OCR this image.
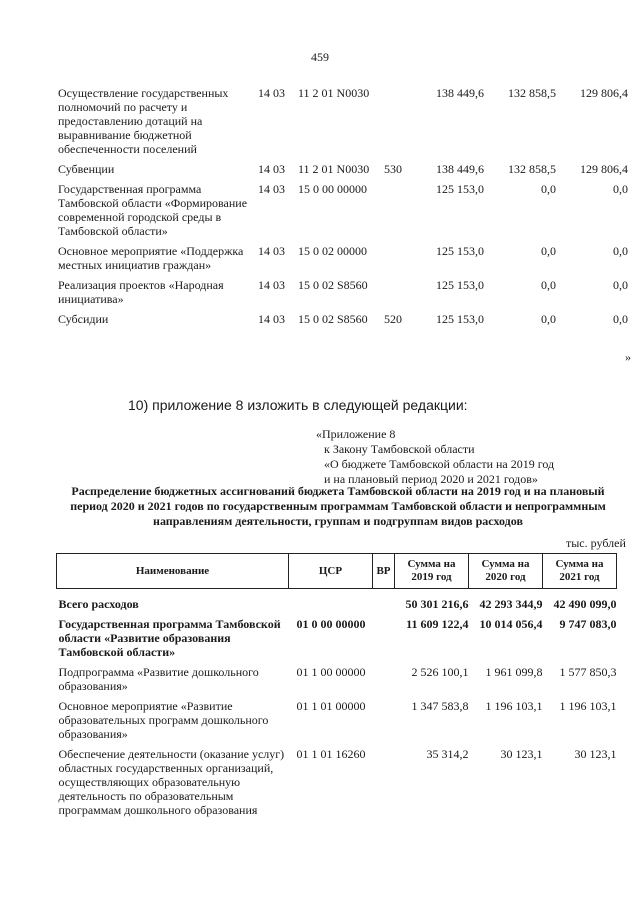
459
Осуществление государственных полномочий по расчету и предоставлению дотаций на выравнивание бюджетной обеспеченности поселений	14 03	11 2 01 N0030		138 449,6	132 858,5	129 806,4
Субвенции	14 03	11 2 01 N0030	530	138 449,6	132 858,5	129 806,4
Государственная программа Тамбовской области «Формирование современной городской среды в Тамбовской области»	14 03	15 0 00 00000		125 153,0	0,0	0,0
Основное мероприятие «Поддержка местных инициатив граждан»	14 03	15 0 02 00000		125 153,0	0,0	0,0
Реализация проектов «Народная инициатива»	14 03	15 0 02 S8560		125 153,0	0,0	0,0
Субсидии	14 03	15 0 02 S8560	520	125 153,0	0,0	0,0
»
10) приложение 8 изложить в следующей редакции:
«Приложение 8
к Закону Тамбовской области
«О бюджете Тамбовской области на 2019 год
и на плановый период 2020 и 2021 годов»
Распределение бюджетных ассигнований бюджета Тамбовской области на 2019 год и на плановый период 2020 и 2021 годов по государственным программам Тамбовской области и непрограммным направлениям деятельности, группам и подгруппам видов расходов
тыс. рублей
Наименование	ЦСР	ВР	Сумма на 2019 год	Сумма на 2020 год	Сумма на 2021 год

Всего расходов			50 301 216,6	42 293 344,9	42 490 099,0
Государственная программа Тамбовской области «Развитие образования Тамбовской области»	01 0 00 00000		11 609 122,4	10 014 056,4	9 747 083,0
Подпрограмма «Развитие дошкольного образования»	01 1 00 00000		2 526 100,1	1 961 099,8	1 577 850,3
Основное мероприятие «Развитие образовательных программ дошкольного образования»	01 1 01 00000		1 347 583,8	1 196 103,1	1 196 103,1
Обеспечение деятельности (оказание услуг) областных государственных организаций, осуществляющих образовательную деятельность по образовательным программам дошкольного образования	01 1 01 16260		35 314,2	30 123,1	30 123,1
